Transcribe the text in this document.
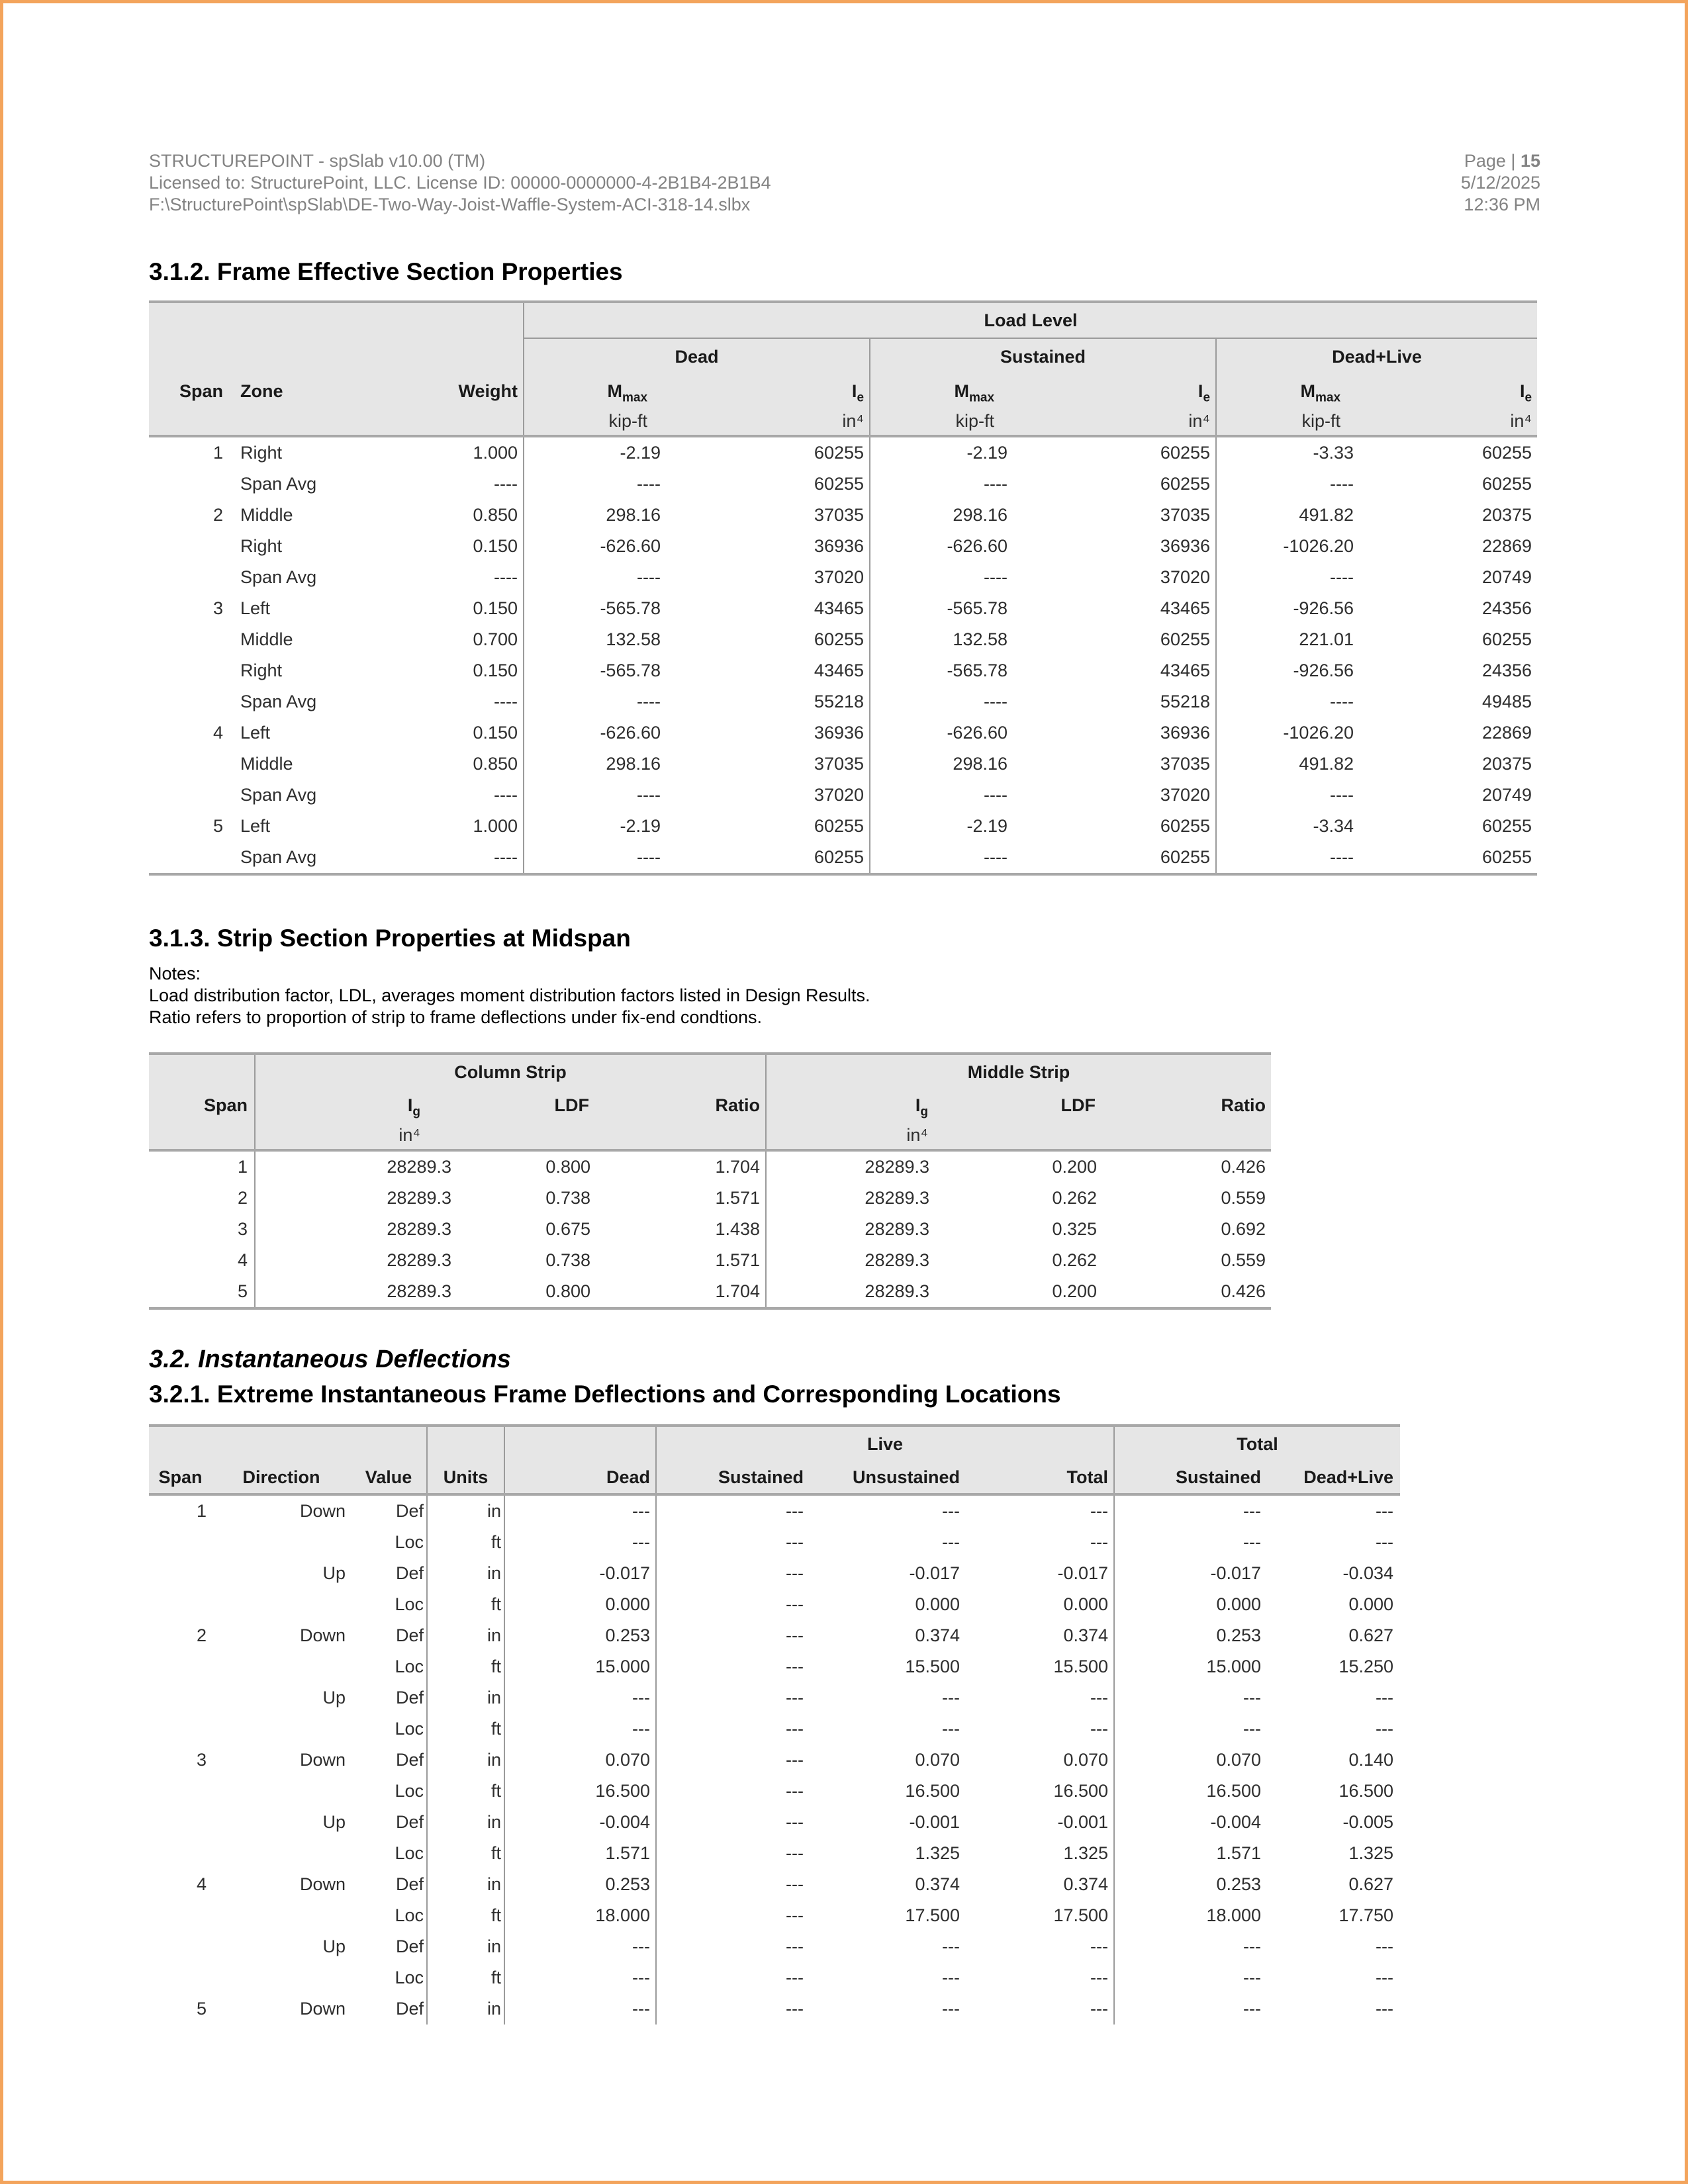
STRUCTUREPOINT - spSlab v10.00 (TM)
Licensed to: StructurePoint, LLC. License ID: 00000-0000000-4-2B1B4-2B1B4
F:\StructurePoint\spSlab\DE-Two-Way-Joist-Waffle-System-ACI-318-14.slbx
Page | 15
5/12/2025
12:36 PM
3.1.2. Frame Effective Section Properties
			Load Level					
			Dead		Sustained		Dead+Live	
Span	Zone	Weight	$M_{max}$	$I_e$	$M_{max}$	$I_e$	$M_{max}$	$I_e$
			kip-ft	in⁴	kip-ft	in⁴	kip-ft	in⁴
1	Right	1.000	-2.19	60255	-2.19	60255	-3.33	60255
	Span Avg	----	----	60255	----	60255	----	60255
2	Middle	0.850	298.16	37035	298.16	37035	491.82	20375
	Right	0.150	-626.60	36936	-626.60	36936	-1026.20	22869
	Span Avg	----	----	37020	----	37020	----	20749
3	Left	0.150	-565.78	43465	-565.78	43465	-926.56	24356
	Middle	0.700	132.58	60255	132.58	60255	221.01	60255
	Right	0.150	-565.78	43465	-565.78	43465	-926.56	24356
	Span Avg	----	----	55218	----	55218	----	49485
4	Left	0.150	-626.60	36936	-626.60	36936	-1026.20	22869
	Middle	0.850	298.16	37035	298.16	37035	491.82	20375
	Span Avg	----	----	37020	----	37020	----	20749
5	Left	1.000	-2.19	60255	-2.19	60255	-3.34	60255
	Span Avg	----	----	60255	----	60255	----	60255
3.1.3. Strip Section Properties at Midspan

Notes:

Load distribution factor, LDL, averages moment distribution factors listed in Design Results.

Ratio refers to proportion of strip to frame deflections under fix-end condtions.

	Column Strip			Middle Strip		
Span	$I_g$	LDF	Ratio	$I_g$	LDF	Ratio
	in⁴			in⁴		
1	28289.3	0.800	1.704	28289.3	0.200	0.426
2	28289.3	0.738	1.571	28289.3	0.262	0.559
3	28289.3	0.675	1.438	28289.3	0.325	0.692
4	28289.3	0.738	1.571	28289.3	0.262	0.559
5	28289.3	0.800	1.704	28289.3	0.200	0.426
3.2. Instantaneous Deflections
3.2.1. Extreme Instantaneous Frame Deflections and Corresponding Locations
					Live			Total	
Span	Direction	Value	Units	Dead	Sustained	Unsustained	Total	Sustained	Dead+Live
1	Down	Def	in	---	---	---	---	---	---
		Loc	ft	---	---	---	---	---	---
	Up	Def	in	-0.017	---	-0.017	-0.017	-0.017	-0.034
		Loc	ft	0.000	---	0.000	0.000	0.000	0.000
2	Down	Def	in	0.253	---	0.374	0.374	0.253	0.627
		Loc	ft	15.000	---	15.500	15.500	15.000	15.250
	Up	Def	in	---	---	---	---	---	---
		Loc	ft	---	---	---	---	---	---
3	Down	Def	in	0.070	---	0.070	0.070	0.070	0.140
		Loc	ft	16.500	---	16.500	16.500	16.500	16.500
	Up	Def	in	-0.004	---	-0.001	-0.001	-0.004	-0.005
		Loc	ft	1.571	---	1.325	1.325	1.571	1.325
4	Down	Def	in	0.253	---	0.374	0.374	0.253	0.627
		Loc	ft	18.000	---	17.500	17.500	18.000	17.750
	Up	Def	in	---	---	---	---	---	---
		Loc	ft	---	---	---	---	---	---
5	Down	Def	in	---	---	---	---	---	---
